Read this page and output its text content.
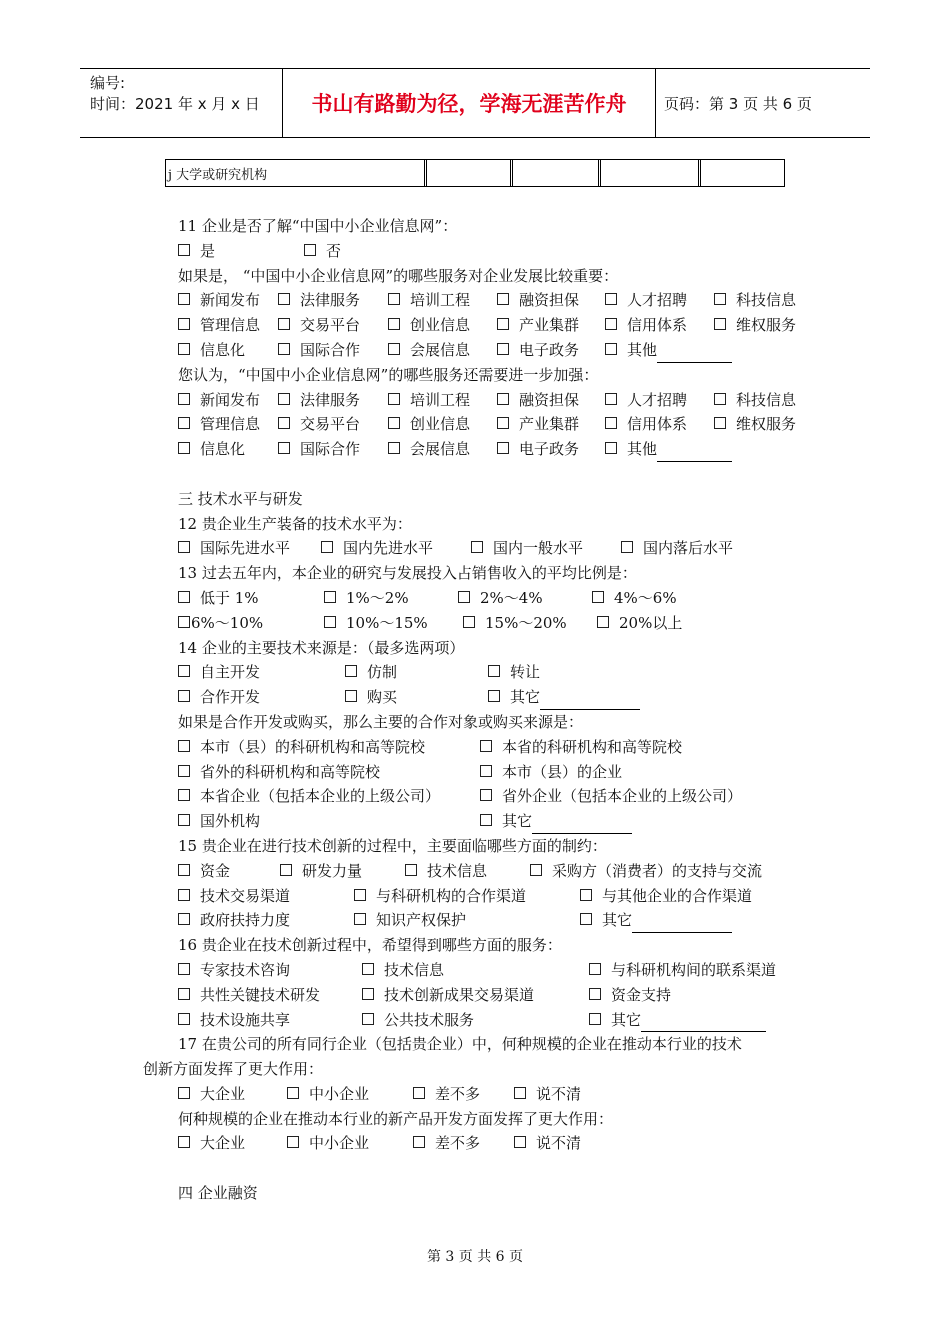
编号:
时间：2021 年 x 月 x 日	书山有路勤为径，学海无涯苦作舟	页码：第 3 页 共 6 页
j 大学或研究机构
11 企业是否了解“中国中小企业信息网”：
是	否
如果是， “中国中小企业信息网”的哪些服务对企业发展比较重要：
新闻发布	法律服务	培训工程	融资担保	人才招聘	科技信息
管理信息	交易平台	创业信息	产业集群	信用体系	维权服务
信息化	国际合作	会展信息	电子政务	其他
您认为，“中国中小企业信息网”的哪些服务还需要进一步加强：
新闻发布	法律服务	培训工程	融资担保	人才招聘	科技信息
管理信息	交易平台	创业信息	产业集群	信用体系	维权服务
信息化	国际合作	会展信息	电子政务	其他
三 技术水平与研发
12 贵企业生产装备的技术水平为：
国际先进水平	国内先进水平	国内一般水平	国内落后水平
13 过去五年内，本企业的研究与发展投入占销售收入的平均比例是：
低于 1%	1%～2%	2%～4%	4%～6%
6%～10%	10%～15%	15%～20%	20%以上
14 企业的主要技术来源是：（最多选两项）
自主开发	仿制	转让
合作开发	购买	其它
如果是合作开发或购买，那么主要的合作对象或购买来源是：
本市（县）的科研机构和高等院校	本省的科研机构和高等院校
省外的科研机构和高等院校	本市（县）的企业
本省企业（包括本企业的上级公司）	省外企业（包括本企业的上级公司）
国外机构	其它
15 贵企业在进行技术创新的过程中，主要面临哪些方面的制约：
资金	研发力量	技术信息	采购方（消费者）的支持与交流
技术交易渠道	与科研机构的合作渠道	与其他企业的合作渠道
政府扶持力度	知识产权保护	其它
16 贵企业在技术创新过程中，希望得到哪些方面的服务：
专家技术咨询	技术信息	与科研机构间的联系渠道
共性关键技术研发	技术创新成果交易渠道	资金支持
技术设施共享	公共技术服务	其它
17 在贵公司的所有同行企业（包括贵企业）中，何种规模的企业在推动本行业的技术
创新方面发挥了更大作用：
大企业	中小企业	差不多	说不清
何种规模的企业在推动本行业的新产品开发方面发挥了更大作用：
大企业	中小企业	差不多	说不清
四 企业融资
第 3 页 共 6 页
